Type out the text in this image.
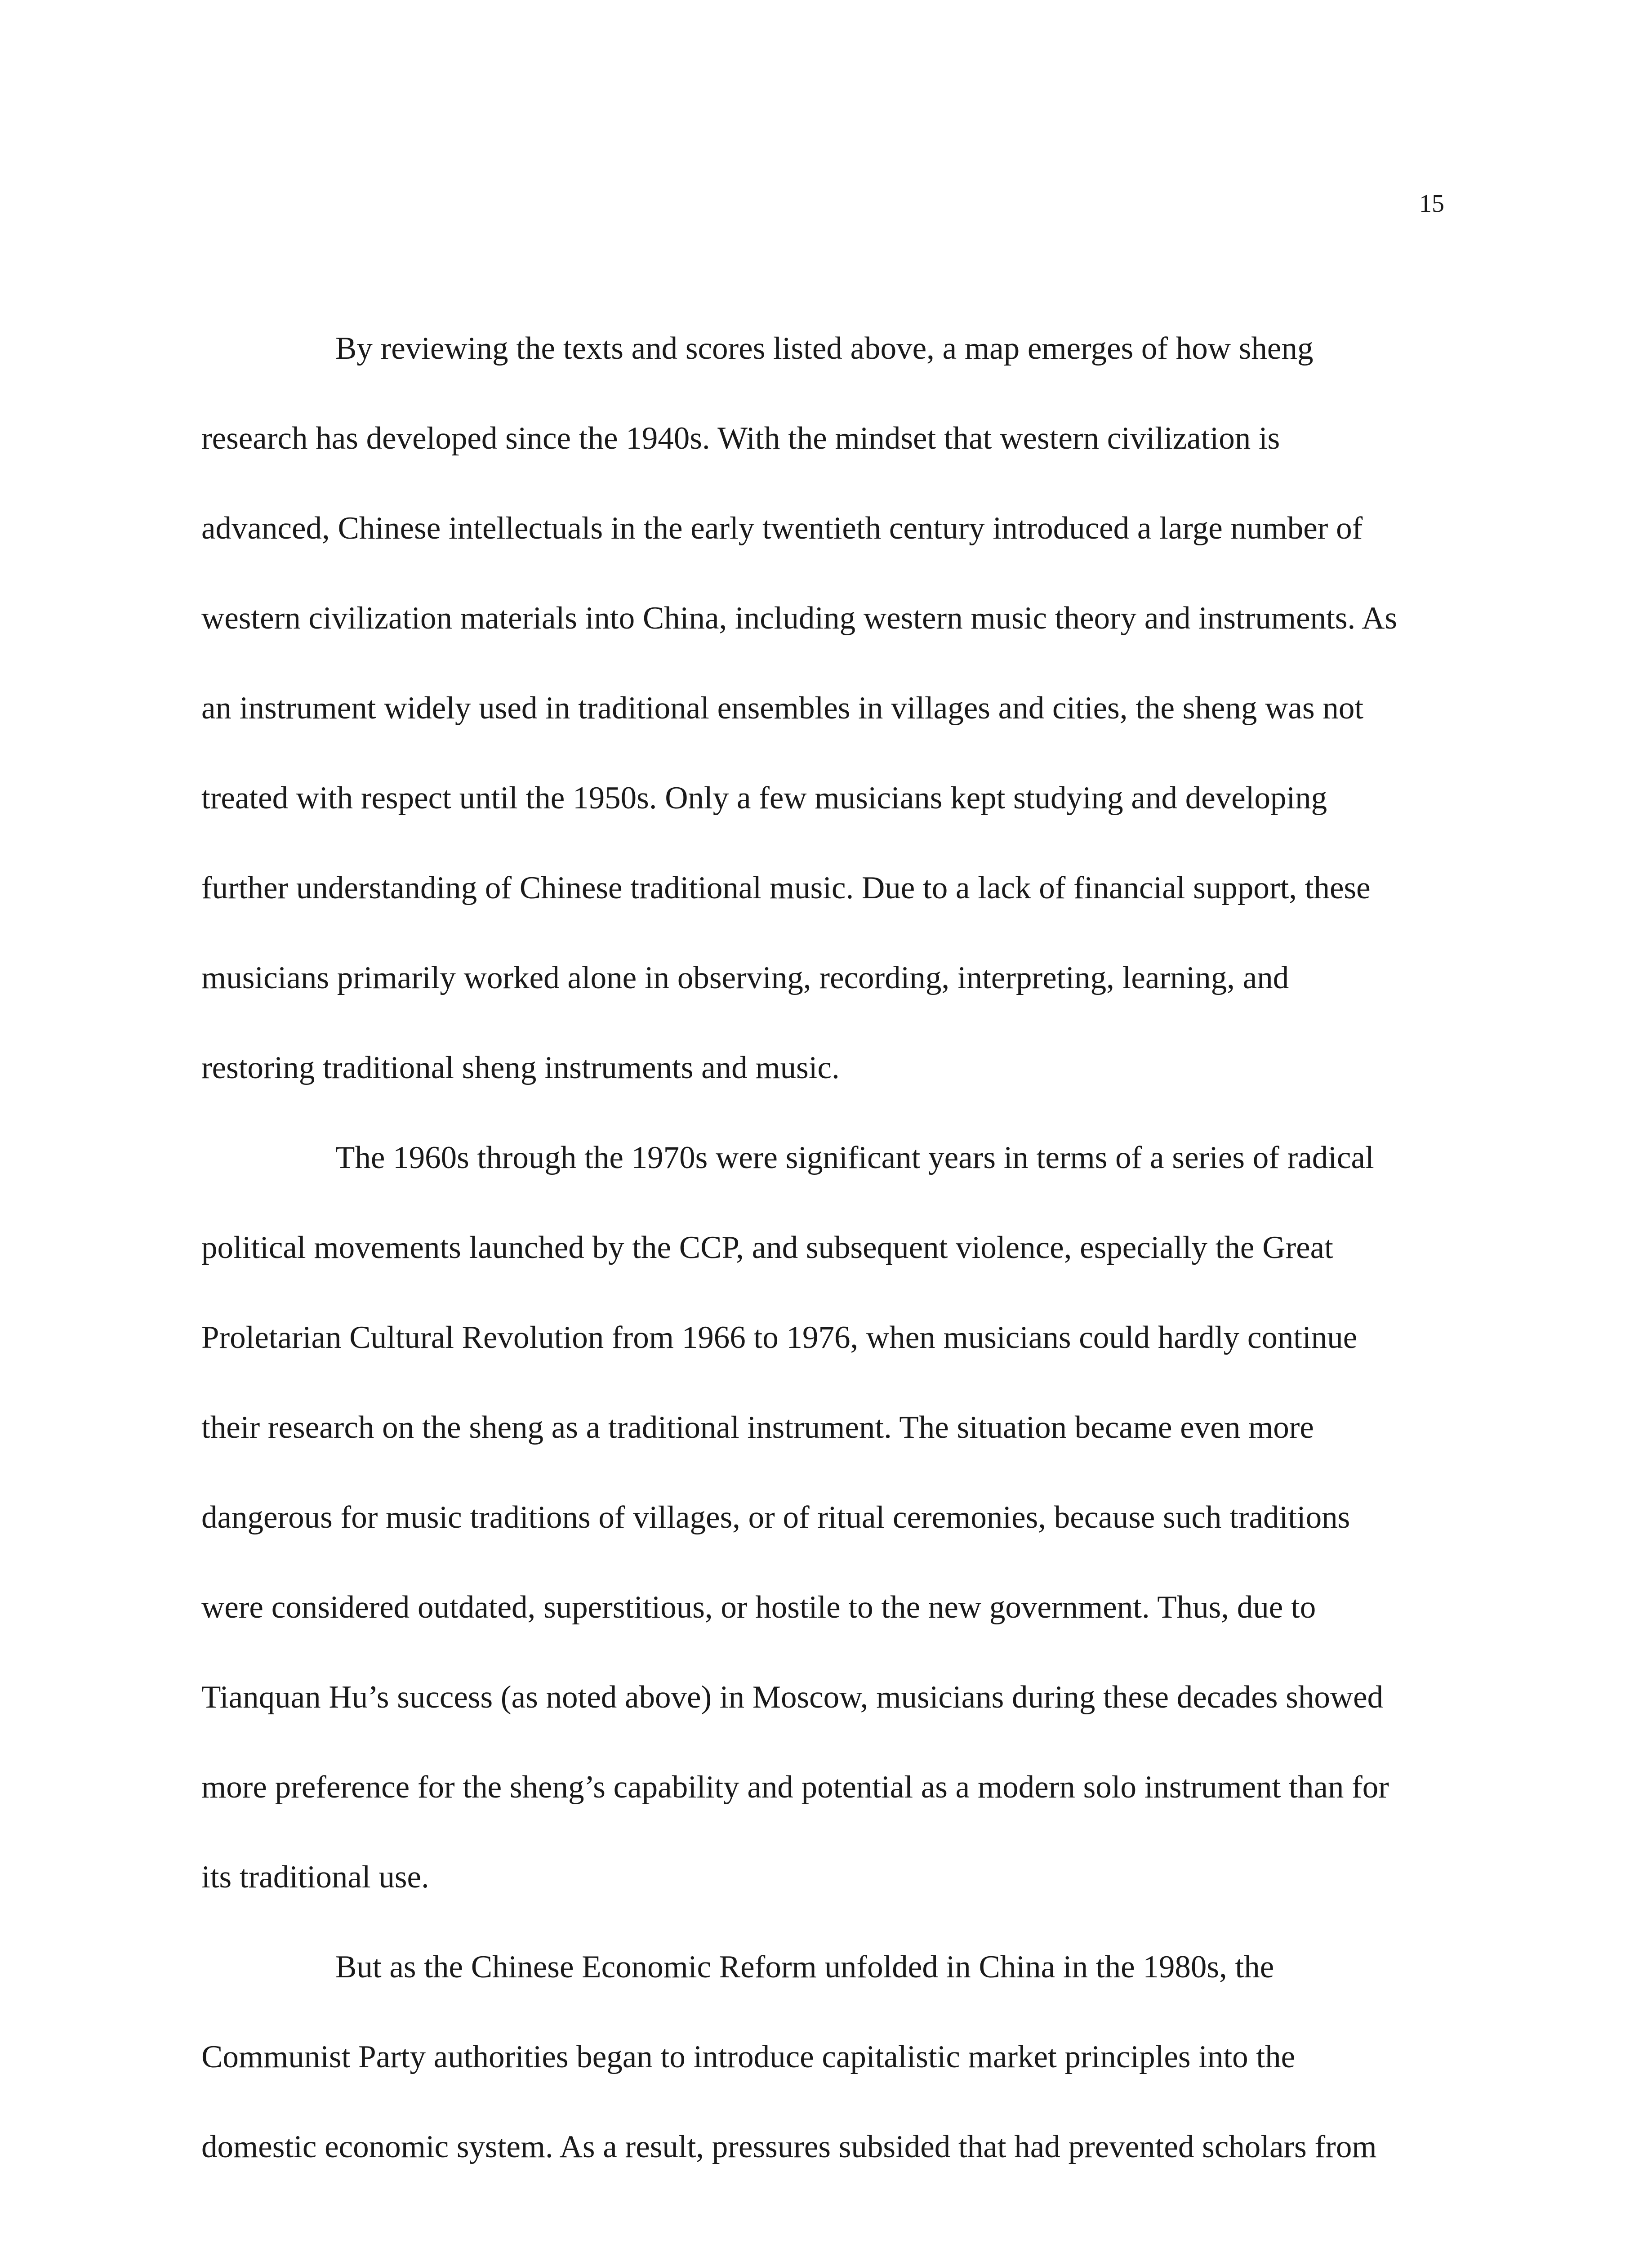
15
By reviewing the texts and scores listed above, a map emerges of how sheng
research has developed since the 1940s. With the mindset that western civilization is
advanced, Chinese intellectuals in the early twentieth century introduced a large number of
western civilization materials into China, including western music theory and instruments. As
an instrument widely used in traditional ensembles in villages and cities, the sheng was not
treated with respect until the 1950s. Only a few musicians kept studying and developing
further understanding of Chinese traditional music. Due to a lack of financial support, these
musicians primarily worked alone in observing, recording, interpreting, learning, and
restoring traditional sheng instruments and music.
The 1960s through the 1970s were significant years in terms of a series of radical
political movements launched by the CCP, and subsequent violence, especially the Great
Proletarian Cultural Revolution from 1966 to 1976, when musicians could hardly continue
their research on the sheng as a traditional instrument. The situation became even more
dangerous for music traditions of villages, or of ritual ceremonies, because such traditions
were considered outdated, superstitious, or hostile to the new government. Thus, due to
Tianquan Hu’s success (as noted above) in Moscow, musicians during these decades showed
more preference for the sheng’s capability and potential as a modern solo instrument than for
its traditional use.
But as the Chinese Economic Reform unfolded in China in the 1980s, the
Communist Party authorities began to introduce capitalistic market principles into the
domestic economic system. As a result, pressures subsided that had prevented scholars from
